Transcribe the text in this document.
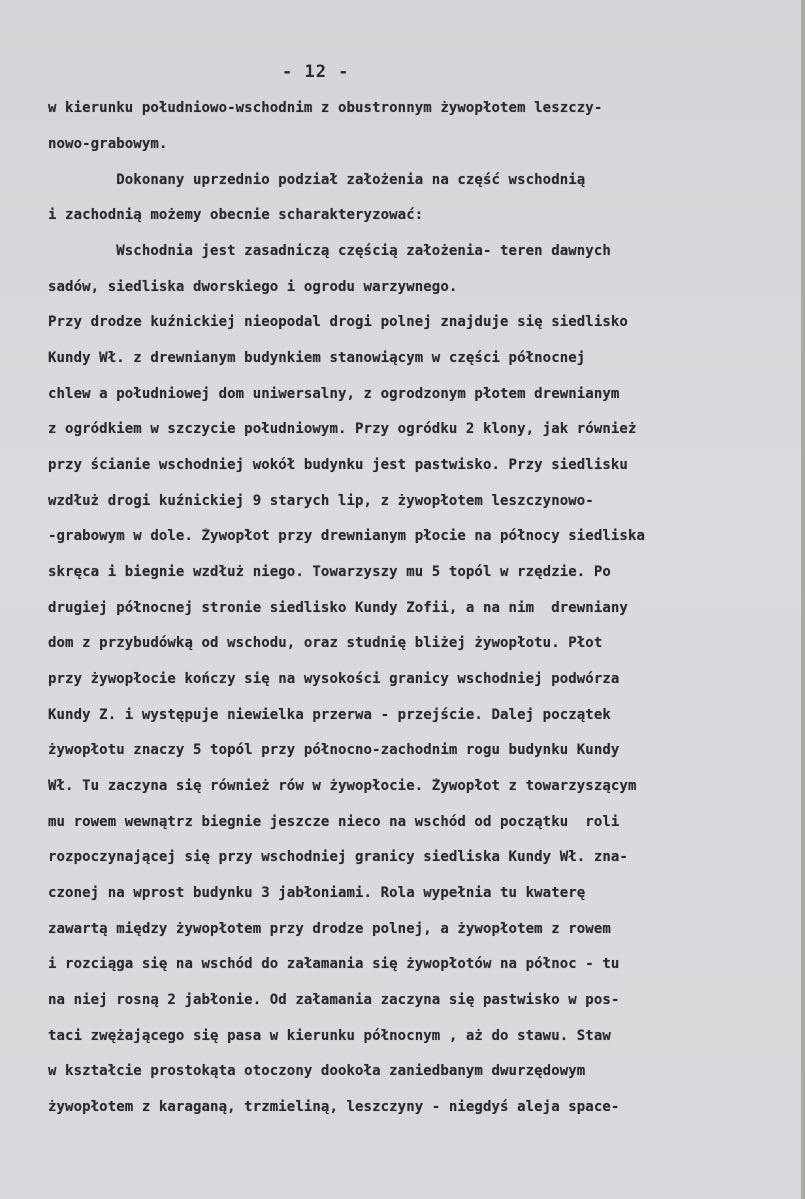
- 12 -
w kierunku południowo-wschodnim z obustronnym żywopłotem leszczy-
nowo-grabowym.
Dokonany uprzednio podział założenia na część wschodnią
i zachodnią możemy obecnie scharakteryzować:
Wschodnia jest zasadniczą częścią założenia- teren dawnych
sadów, siedliska dworskiego i ogrodu warzywnego.
Przy drodze kuźnickiej nieopodal drogi polnej znajduje się siedlisko
Kundy Wł. z drewnianym budynkiem stanowiącym w części północnej
chlew a południowej dom uniwersalny, z ogrodzonym płotem drewnianym
z ogródkiem w szczycie południowym. Przy ogródku 2 klony, jak również
przy ścianie wschodniej wokół budynku jest pastwisko. Przy siedlisku
wzdłuż drogi kuźnickiej 9 starych lip, z żywopłotem leszczynowo-
-grabowym w dole. Żywopłot przy drewnianym płocie na północy siedliska
skręca i biegnie wzdłuż niego. Towarzyszy mu 5 topól w rzędzie. Po
drugiej północnej stronie siedlisko Kundy Zofii, a na nim  drewniany
dom z przybudówką od wschodu, oraz studnię bliżej żywopłotu. Płot
przy żywopłocie kończy się na wysokości granicy wschodniej podwórza
Kundy Z. i występuje niewielka przerwa - przejście. Dalej początek
żywopłotu znaczy 5 topól przy północno-zachodnim rogu budynku Kundy
Wł. Tu zaczyna się również rów w żywopłocie. Żywopłot z towarzyszącym
mu rowem wewnątrz biegnie jeszcze nieco na wschód od początku  roli
rozpoczynającej się przy wschodniej granicy siedliska Kundy Wł. zna-
czonej na wprost budynku 3 jabłoniami. Rola wypełnia tu kwaterę
zawartą między żywopłotem przy drodze polnej, a żywopłotem z rowem
i rozciąga się na wschód do załamania się żywopłotów na północ - tu
na niej rosną 2 jabłonie. Od załamania zaczyna się pastwisko w pos-
taci zwężającego się pasa w kierunku północnym , aż do stawu. Staw
w kształcie prostokąta otoczony dookoła zaniedbanym dwurzędowym
żywopłotem z karaganą, trzmieliną, leszczyny - niegdyś aleja space-
